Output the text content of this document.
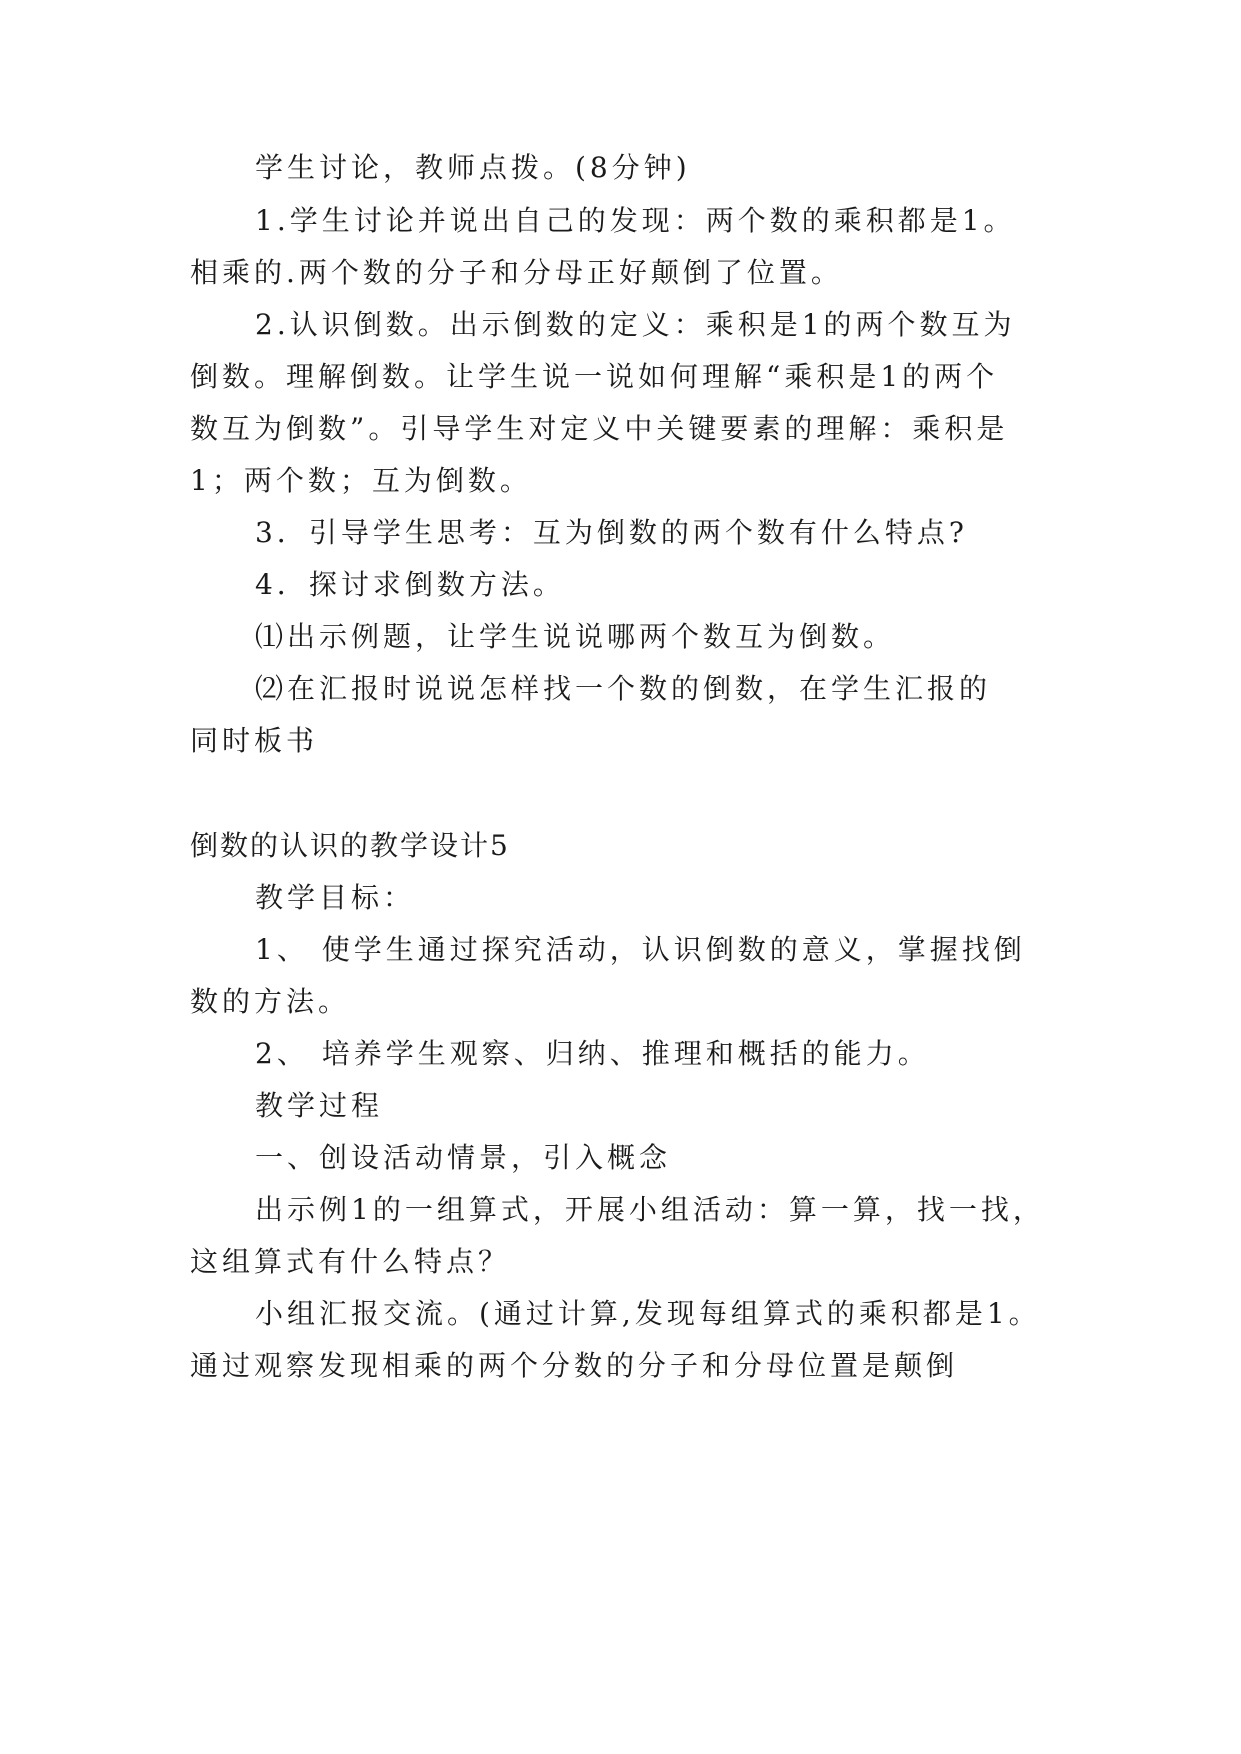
学生讨论，教师点拨。(8分钟)
1.学生讨论并说出自己的发现：两个数的乘积都是1。
相乘的.两个数的分子和分母正好颠倒了位置。
2.认识倒数。出示倒数的定义：乘积是1的两个数互为
倒数。理解倒数。让学生说一说如何理解“乘积是1的两个
数互为倒数”。引导学生对定义中关键要素的理解：乘积是
1；两个数；互为倒数。
3．引导学生思考：互为倒数的两个数有什么特点?
4．探讨求倒数方法。
⑴出示例题，让学生说说哪两个数互为倒数。
⑵在汇报时说说怎样找一个数的倒数，在学生汇报的
同时板书
倒数的认识的教学设计5
教学目标：
1、 使学生通过探究活动，认识倒数的意义，掌握找倒
数的方法。
2、 培养学生观察、归纳、推理和概括的能力。
教学过程
一、创设活动情景，引入概念
出示例1的一组算式，开展小组活动：算一算，找一找，
这组算式有什么特点？
小组汇报交流。(通过计算,发现每组算式的乘积都是1。
通过观察发现相乘的两个分数的分子和分母位置是颠倒
